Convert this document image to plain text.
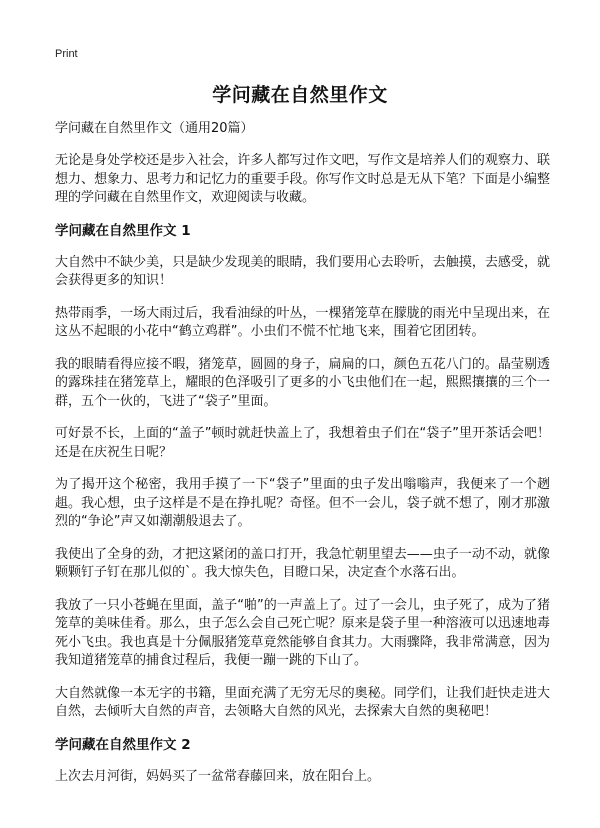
Print
学问藏在自然里作文

学问藏在自然里作文（通用20篇）

无论是身处学校还是步入社会，许多人都写过作文吧，写作文是培养人们的观察力、联想力、想象力、思考力和记忆力的重要手段。你写作文时总是无从下笔？下面是小编整理的学问藏在自然里作文，欢迎阅读与收藏。

学问藏在自然里作文 1

大自然中不缺少美，只是缺少发现美的眼睛，我们要用心去聆听，去触摸，去感受，就会获得更多的知识！

热带雨季，一场大雨过后，我看油绿的叶丛，一棵猪笼草在朦胧的雨光中呈现出来，在这丛不起眼的小花中“鹤立鸡群”。小虫们不慌不忙地飞来，围着它团团转。

我的眼睛看得应接不暇，猪笼草，圆圆的身子，扁扁的口，颜色五花八门的。晶莹剔透的露珠挂在猪笼草上，耀眼的色泽吸引了更多的小飞虫他们在一起，熙熙攘攘的三个一群，五个一伙的，飞进了“袋子”里面。

可好景不长，上面的“盖子”顿时就赶快盖上了，我想着虫子们在“袋子”里开茶话会吧！还是在庆祝生日呢？

为了揭开这个秘密，我用手摸了一下“袋子”里面的虫子发出嗡嗡声，我便来了一个趔趄。我心想，虫子这样是不是在挣扎呢？奇怪。但不一会儿，袋子就不想了，刚才那激烈的“争论”声又如潮潮般退去了。

我使出了全身的劲，才把这紧闭的盖口打开，我急忙朝里望去——虫子一动不动，就像颗颗钉子钉在那儿似的`。我大惊失色，目瞪口呆，决定查个水落石出。

我放了一只小苍蝇在里面，盖子“啪”的一声盖上了。过了一会儿，虫子死了，成为了猪笼草的美味佳肴。那么，虫子怎么会自己死亡呢？原来是袋子里一种溶液可以迅速地毒死小飞虫。我也真是十分佩服猪笼草竟然能够自食其力。大雨骤降，我非常满意，因为我知道猪笼草的捕食过程后，我便一蹦一跳的下山了。

大自然就像一本无字的书籍，里面充满了无穷无尽的奥秘。同学们，让我们赶快走进大自然，去倾听大自然的声音，去领略大自然的风光，去探索大自然的奥秘吧！

学问藏在自然里作文 2

上次去月河街，妈妈买了一盆常春藤回来，放在阳台上。
